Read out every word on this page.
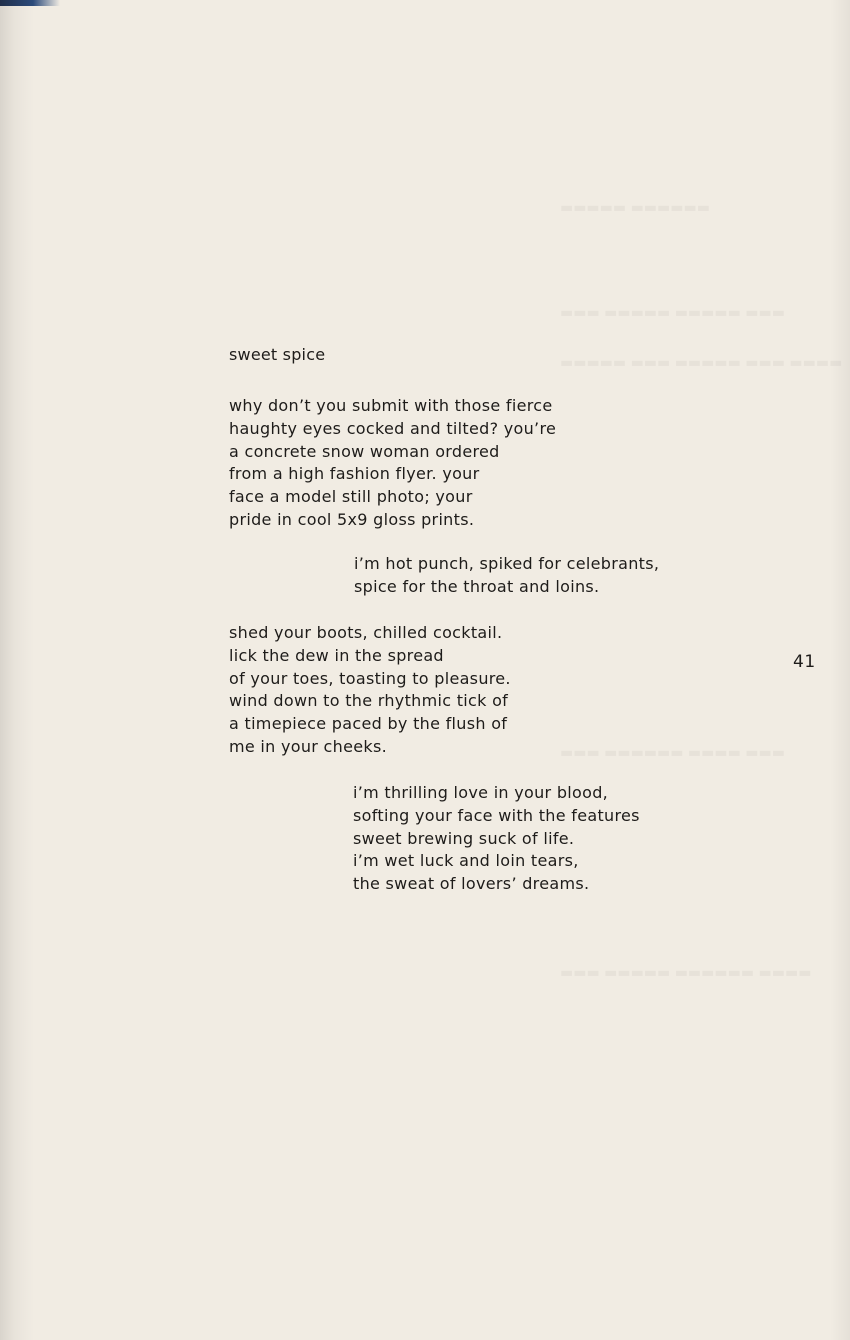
▬▬▬▬▬▬ ▬▬▬▬▬
▬▬▬ ▬▬▬▬▬ ▬▬▬▬▬ ▬▬▬
▬▬▬▬ ▬▬▬ ▬▬▬▬▬ ▬▬▬ ▬▬▬▬▬
▬▬▬ ▬▬▬▬ ▬▬▬▬▬▬ ▬▬▬
▬▬▬▬ ▬▬▬▬▬▬ ▬▬▬▬▬ ▬▬▬
sweet spice
why don’t you submit with those fierce
haughty eyes cocked and tilted? you’re
a concrete snow woman ordered
from a high fashion flyer. your
face a model still photo; your
pride in cool 5x9 gloss prints.
i’m hot punch, spiked for celebrants,
spice for the throat and loins.
shed your boots, chilled cocktail.
lick the dew in the spread
of your toes, toasting to pleasure.
wind down to the rhythmic tick of
a timepiece paced by the flush of
me in your cheeks.
i’m thrilling love in your blood,
softing your face with the features
sweet brewing suck of life.
i’m wet luck and loin tears,
the sweat of lovers’ dreams.
41
